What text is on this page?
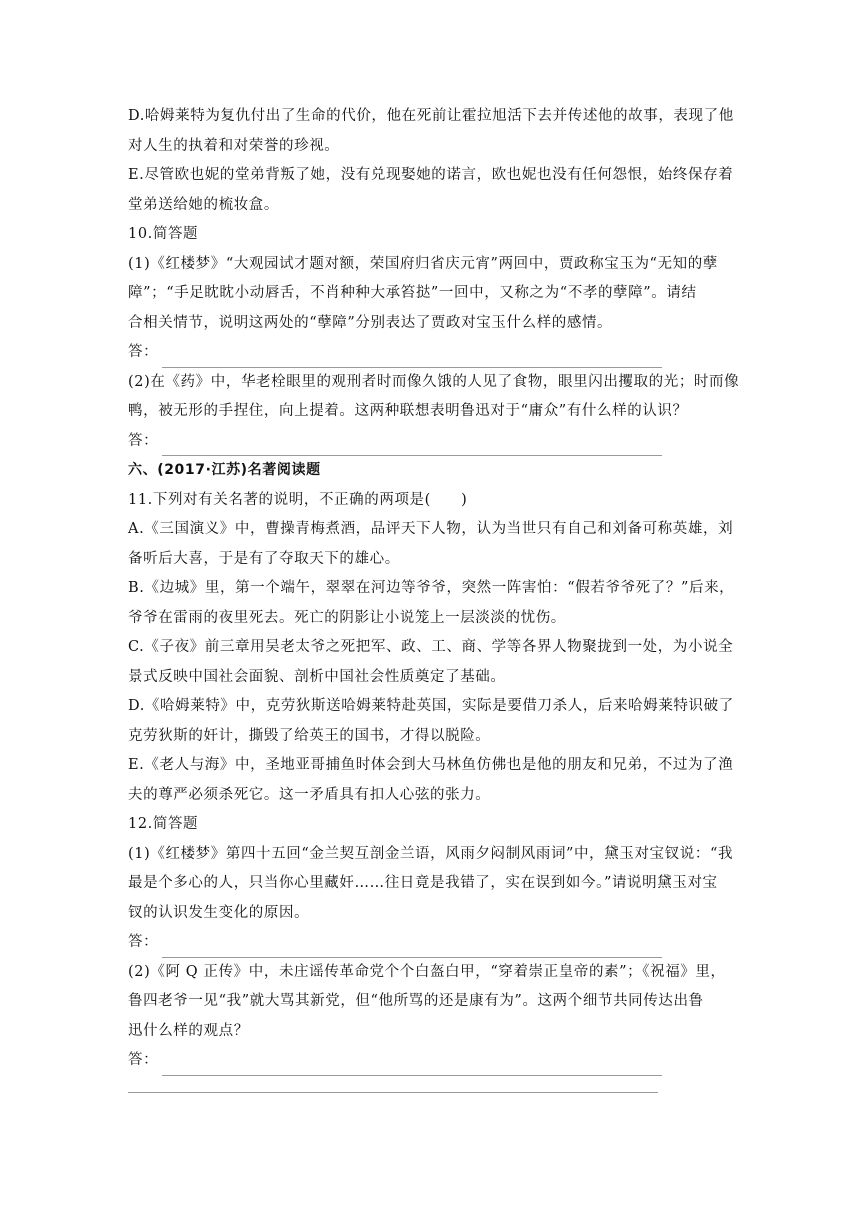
D.哈姆莱特为复仇付出了生命的代价，他在死前让霍拉旭活下去并传述他的故事，表现了他
对人生的执着和对荣誉的珍视。
E.尽管欧也妮的堂弟背叛了她，没有兑现娶她的诺言，欧也妮也没有任何怨恨，始终保存着
堂弟送给她的梳妆盒。
10.简答题
(1)《红楼梦》“大观园试才题对额，荣国府归省庆元宵”两回中，贾政称宝玉为“无知的孽
障”；“手足眈眈小动唇舌，不肖种种大承笞挞”一回中，又称之为“不孝的孽障”。请结
合相关情节，说明这两处的“孽障”分别表达了贾政对宝玉什么样的感情。
答：
(2)在《药》中，华老栓眼里的观刑者时而像久饿的人见了食物，眼里闪出攫取的光；时而像
鸭，被无形的手捏住，向上提着。这两种联想表明鲁迅对于“庸众”有什么样的认识？
答：
六、(2017·江苏)名著阅读题
11.下列对有关名著的说明，不正确的两项是(　　)
A.《三国演义》中，曹操青梅煮酒，品评天下人物，认为当世只有自己和刘备可称英雄，刘
备听后大喜，于是有了夺取天下的雄心。
B.《边城》里，第一个端午，翠翠在河边等爷爷，突然一阵害怕：“假若爷爷死了？”后来，
爷爷在雷雨的夜里死去。死亡的阴影让小说笼上一层淡淡的忧伤。
C.《子夜》前三章用吴老太爷之死把军、政、工、商、学等各界人物聚拢到一处，为小说全
景式反映中国社会面貌、剖析中国社会性质奠定了基础。
D.《哈姆莱特》中，克劳狄斯送哈姆莱特赴英国，实际是要借刀杀人，后来哈姆莱特识破了
克劳狄斯的奸计，撕毁了给英王的国书，才得以脱险。
E.《老人与海》中，圣地亚哥捕鱼时体会到大马林鱼仿佛也是他的朋友和兄弟，不过为了渔
夫的尊严必须杀死它。这一矛盾具有扣人心弦的张力。
12.简答题
(1)《红楼梦》第四十五回“金兰契互剖金兰语，风雨夕闷制风雨词”中，黛玉对宝钗说：“我
最是个多心的人，只当你心里藏奸……往日竟是我错了，实在误到如今。”请说明黛玉对宝
钗的认识发生变化的原因。
答：
(2)《阿 Q 正传》中，未庄谣传革命党个个白盔白甲，“穿着崇正皇帝的素”；《祝福》里，
鲁四老爷一见“我”就大骂其新党，但“他所骂的还是康有为”。这两个细节共同传达出鲁
迅什么样的观点？
答：
